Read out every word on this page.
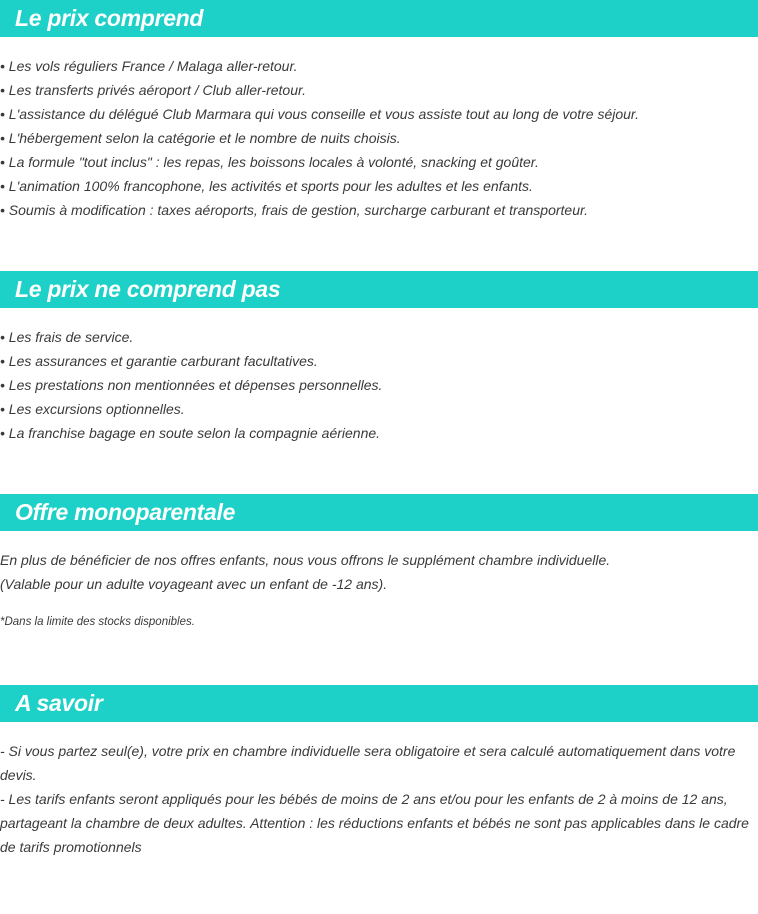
Le prix comprend
• Les vols réguliers France / Malaga aller-retour.
• Les transferts privés aéroport / Club aller-retour.
• L'assistance du délégué Club Marmara qui vous conseille et vous assiste tout au long de votre séjour.
• L'hébergement selon la catégorie et le nombre de nuits choisis.
• La formule "tout inclus" : les repas, les boissons locales à volonté, snacking et goûter.
• L'animation 100% francophone, les activités et sports pour les adultes et les enfants.
• Soumis à modification : taxes aéroports, frais de gestion, surcharge carburant et transporteur.
Le prix ne comprend pas
• Les frais de service.
• Les assurances et garantie carburant facultatives.
• Les prestations non mentionnées et dépenses personnelles.
• Les excursions optionnelles.
• La franchise bagage en soute selon la compagnie aérienne.
Offre monoparentale

En plus de bénéficier de nos offres enfants, nous vous offrons le supplément chambre individuelle.

(Valable pour un adulte voyageant avec un enfant de -12 ans).

*Dans la limite des stocks disponibles.

A savoir

- Si vous partez seul(e), votre prix en chambre individuelle sera obligatoire et sera calculé automatiquement dans votre devis.

- Les tarifs enfants seront appliqués pour les bébés de moins de 2 ans et/ou pour les enfants de 2 à moins de 12 ans, partageant la chambre de deux adultes. Attention : les réductions enfants et bébés ne sont pas applicables dans le cadre de tarifs promotionnels
